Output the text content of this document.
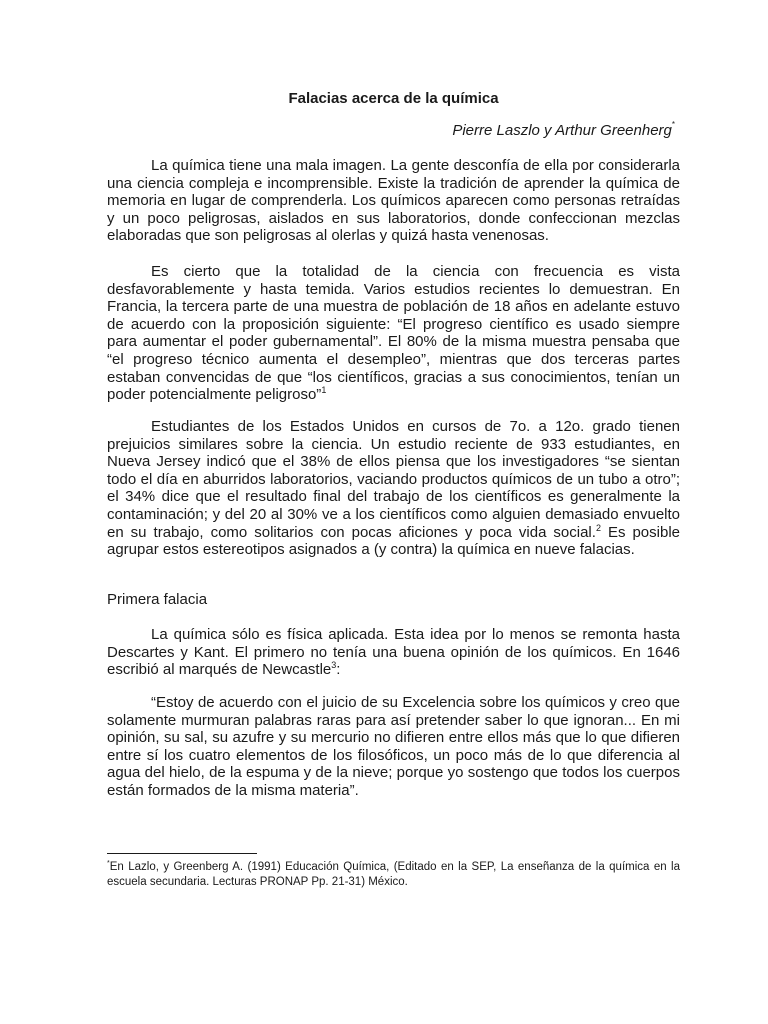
Falacias acerca de la química
Pierre Laszlo y Arthur Greenherg*

La química tiene una mala imagen. La gente desconfía de ella por considerarla una ciencia compleja e incomprensible. Existe la tradición de aprender la química de memoria en lugar de comprenderla. Los químicos aparecen como personas retraídas y un poco peligrosas, aislados en sus laboratorios, donde confeccionan mezclas elaboradas que son peligrosas al olerlas y quizá hasta venenosas.

Es cierto que la totalidad de la ciencia con frecuencia es vista desfavorablemente y hasta temida. Varios estudios recientes lo demuestran. En Francia, la tercera parte de una muestra de población de 18 años en adelante estuvo de acuerdo con la proposición siguiente: “El progreso científico es usado siempre para aumentar el poder gubernamental”. El 80% de la misma muestra pensaba que “el progreso técnico aumenta el desempleo”, mientras que dos terceras partes estaban convencidas de que “los científicos, gracias a sus conocimientos, tenían un poder potencialmente peligroso”$^1$

Estudiantes de los Estados Unidos en cursos de 7o. a 12o. grado tienen prejuicios similares sobre la ciencia. Un estudio reciente de 933 estudiantes, en Nueva Jersey indicó que el 38% de ellos piensa que los investigadores “se sientan todo el día en aburridos laboratorios, vaciando productos químicos de un tubo a otro”; el 34% dice que el resultado final del trabajo de los científicos es generalmente la contaminación; y del 20 al 30% ve a los científicos como alguien demasiado envuelto en su trabajo, como solitarios con pocas aficiones y poca vida social.$^2$ Es posible agrupar estos estereotipos asignados a (y contra) la química en nueve falacias.

Primera falacia

La química sólo es física aplicada. Esta idea por lo menos se remonta hasta Descartes y Kant. El primero no tenía una buena opinión de los químicos. En 1646 escribió al marqués de Newcastle$^3$:

“Estoy de acuerdo con el juicio de su Excelencia sobre los químicos y creo que solamente murmuran palabras raras para así pretender saber lo que ignoran... En mi opinión, su sal, su azufre y su mercurio no difieren entre ellos más que lo que difieren entre sí los cuatro elementos de los filosóficos, un poco más de lo que diferencia al agua del hielo, de la espuma y de la nieve; porque yo sostengo que todos los cuerpos están formados de la misma materia”.

*En Lazlo, y Greenberg A. (1991) Educación Química, (Editado en la SEP, La enseñanza de la química en la escuela secundaria. Lecturas PRONAP Pp. 21-31) México.
